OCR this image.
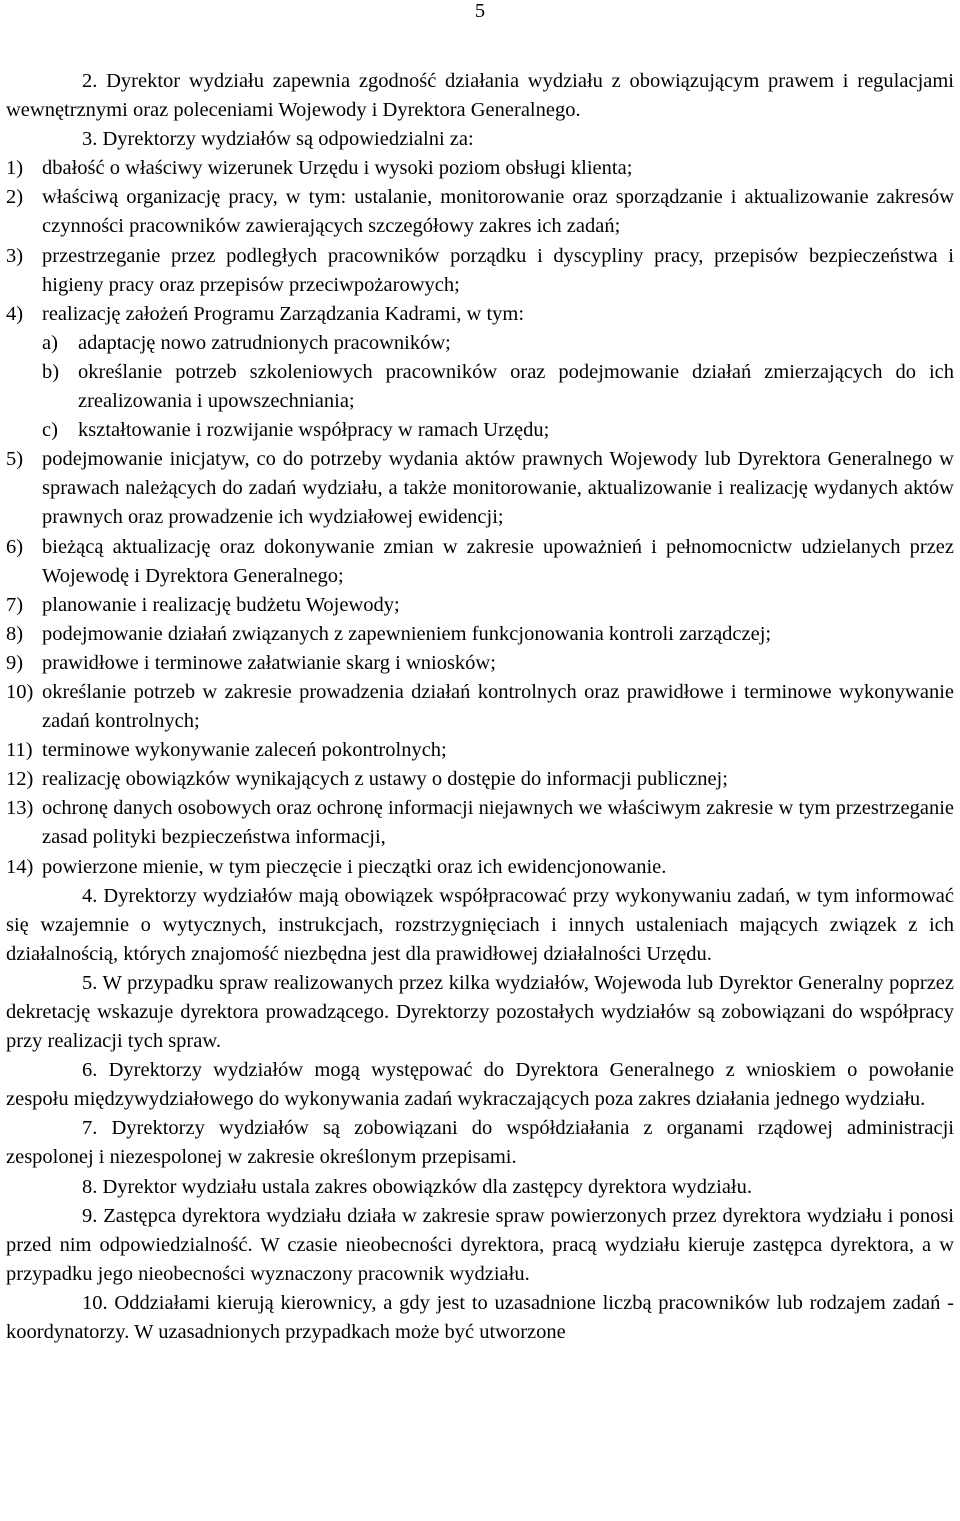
5

2. Dyrektor wydziału zapewnia zgodność działania wydziału z obowiązującym prawem i regulacjami wewnętrznymi oraz poleceniami Wojewody i Dyrektora Generalnego.

3. Dyrektorzy wydziałów są odpowiedzialni za:

1) dbałość o właściwy wizerunek Urzędu i wysoki poziom obsługi klienta;
2) właściwą organizację pracy, w tym: ustalanie, monitorowanie oraz sporządzanie i aktualizowanie zakresów czynności pracowników zawierających szczegółowy zakres ich zadań;
3) przestrzeganie przez podległych pracowników porządku i dyscypliny pracy, przepisów bezpieczeństwa i higieny pracy oraz przepisów przeciwpożarowych;
4) realizację założeń Programu Zarządzania Kadrami, w tym:
a) adaptację nowo zatrudnionych pracowników;
b) określanie potrzeb szkoleniowych pracowników oraz podejmowanie działań zmierzających do ich zrealizowania i upowszechniania;
c) kształtowanie i rozwijanie współpracy w ramach Urzędu;
5) podejmowanie inicjatyw, co do potrzeby wydania aktów prawnych Wojewody lub Dyrektora Generalnego w sprawach należących do zadań wydziału, a także monitorowanie, aktualizowanie i realizację wydanych aktów prawnych oraz prowadzenie ich wydziałowej ewidencji;
6) bieżącą aktualizację oraz dokonywanie zmian w zakresie upoważnień i pełnomocnictw udzielanych przez Wojewodę i Dyrektora Generalnego;
7) planowanie i realizację budżetu Wojewody;
8) podejmowanie działań związanych z zapewnieniem funkcjonowania kontroli zarządczej;
9) prawidłowe i terminowe załatwianie skarg i wniosków;
10) określanie potrzeb w zakresie prowadzenia działań kontrolnych oraz prawidłowe i terminowe wykonywanie zadań kontrolnych;
11) terminowe wykonywanie zaleceń pokontrolnych;
12) realizację obowiązków wynikających z ustawy o dostępie do informacji publicznej;
13) ochronę danych osobowych oraz ochronę informacji niejawnych we właściwym zakresie w tym przestrzeganie zasad polityki bezpieczeństwa informacji,
14) powierzone mienie, w tym pieczęcie i pieczątki oraz ich ewidencjonowanie.

4. Dyrektorzy wydziałów mają obowiązek współpracować przy wykonywaniu zadań, w tym informować się wzajemnie o wytycznych, instrukcjach, rozstrzygnięciach i innych ustaleniach mających związek z ich działalnością, których znajomość niezbędna jest dla prawidłowej działalności Urzędu.

5. W przypadku spraw realizowanych przez kilka wydziałów, Wojewoda lub Dyrektor Generalny poprzez dekretację wskazuje dyrektora prowadzącego. Dyrektorzy pozostałych wydziałów są zobowiązani do współpracy przy realizacji tych spraw.

6. Dyrektorzy wydziałów mogą występować do Dyrektora Generalnego z wnioskiem o powołanie zespołu międzywydziałowego do wykonywania zadań wykraczających poza zakres działania jednego wydziału.

7. Dyrektorzy wydziałów są zobowiązani do współdziałania z organami rządowej administracji zespolonej i niezespolonej w zakresie określonym przepisami.

8. Dyrektor wydziału ustala zakres obowiązków dla zastępcy dyrektora wydziału.

9. Zastępca dyrektora wydziału działa w zakresie spraw powierzonych przez dyrektora wydziału i ponosi przed nim odpowiedzialność. W czasie nieobecności dyrektora, pracą wydziału kieruje zastępca dyrektora, a w przypadku jego nieobecności wyznaczony pracownik wydziału.

10. Oddziałami kierują kierownicy, a gdy jest to uzasadnione liczbą pracowników lub rodzajem zadań - koordynatorzy. W uzasadnionych przypadkach może być utworzone
